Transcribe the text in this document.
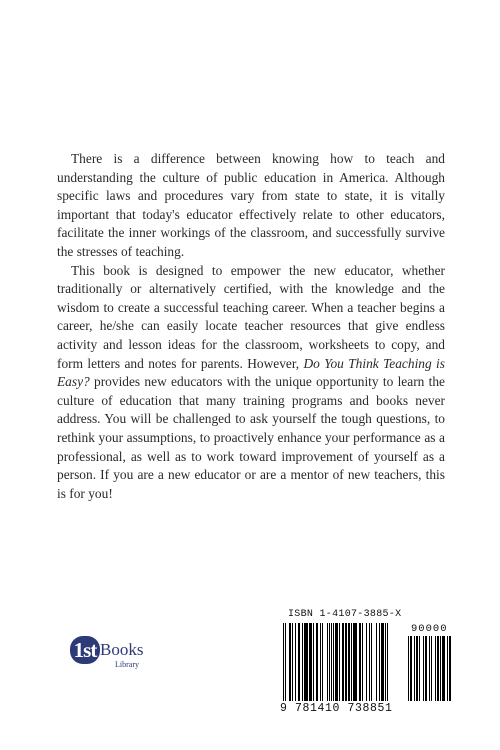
There is a difference between knowing how to teach and understanding the culture of public education in America. Although specific laws and procedures vary from state to state, it is vitally important that today's educator effectively relate to other educators, facilitate the inner workings of the classroom, and successfully survive the stresses of teaching.

This book is designed to empower the new educator, whether traditionally or alternatively certified, with the knowledge and the wisdom to create a successful teaching career. When a teacher begins a career, he/she can easily locate teacher resources that give endless activity and lesson ideas for the classroom, worksheets to copy, and form letters and notes for parents. However, Do You Think Teaching is Easy? provides new educators with the unique opportunity to learn the culture of education that many training programs and books never address. You will be challenged to ask yourself the tough questions, to rethink your assumptions, to proactively enhance your performance as a professional, as well as to work toward improvement of yourself as a person. If you are a new educator or are a mentor of new teachers, this is for you!

1st Books
Library
ISBN 1-4107-3885-X
90000
9 781410 738851
